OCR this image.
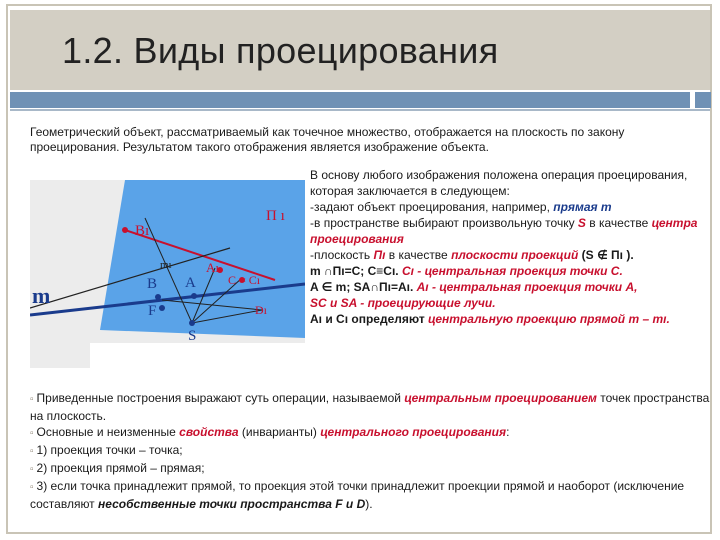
1.2. Виды проецирования
Геометрический объект, рассматриваемый как точечное множество, отображается на плоскость по закону проецирования. Результатом такого отображения является изображение объекта.
П ı
m
Bı
mı	Aı
C = Cı
B A
F
S
Dı
В основу любого изображения положена операция проецирования, которая заключается в следующем:
-задают объект проецирования, например, прямая m
-в пространстве выбирают произвольную точку S в качестве центра проецирования
-плоскость Пı в качестве плоскости проекций (S ∉ Пı ).
m ∩Пı=C; C≡Cı. Cı - центральная проекция точки С.
A ∈ m; SA∩Пı=Aı. Aı - центральная проекция точки А,
SC и SA - проецирующие лучи.
Aı и Cı определяют центральную проекцию прямой m – mı.
▫ Приведенные построения выражают суть операции, называемой центральным проецированием точек пространства на плоскость.
▫ Основные и неизменные свойства (инварианты) центрального проецирования:
▫ 1) проекция точки – точка;
▫ 2) проекция прямой – прямая;
▫ 3) если точка принадлежит прямой, то проекция этой точки принадлежит проекции прямой и наоборот (исключение составляют несобственные точки пространства F и D).
